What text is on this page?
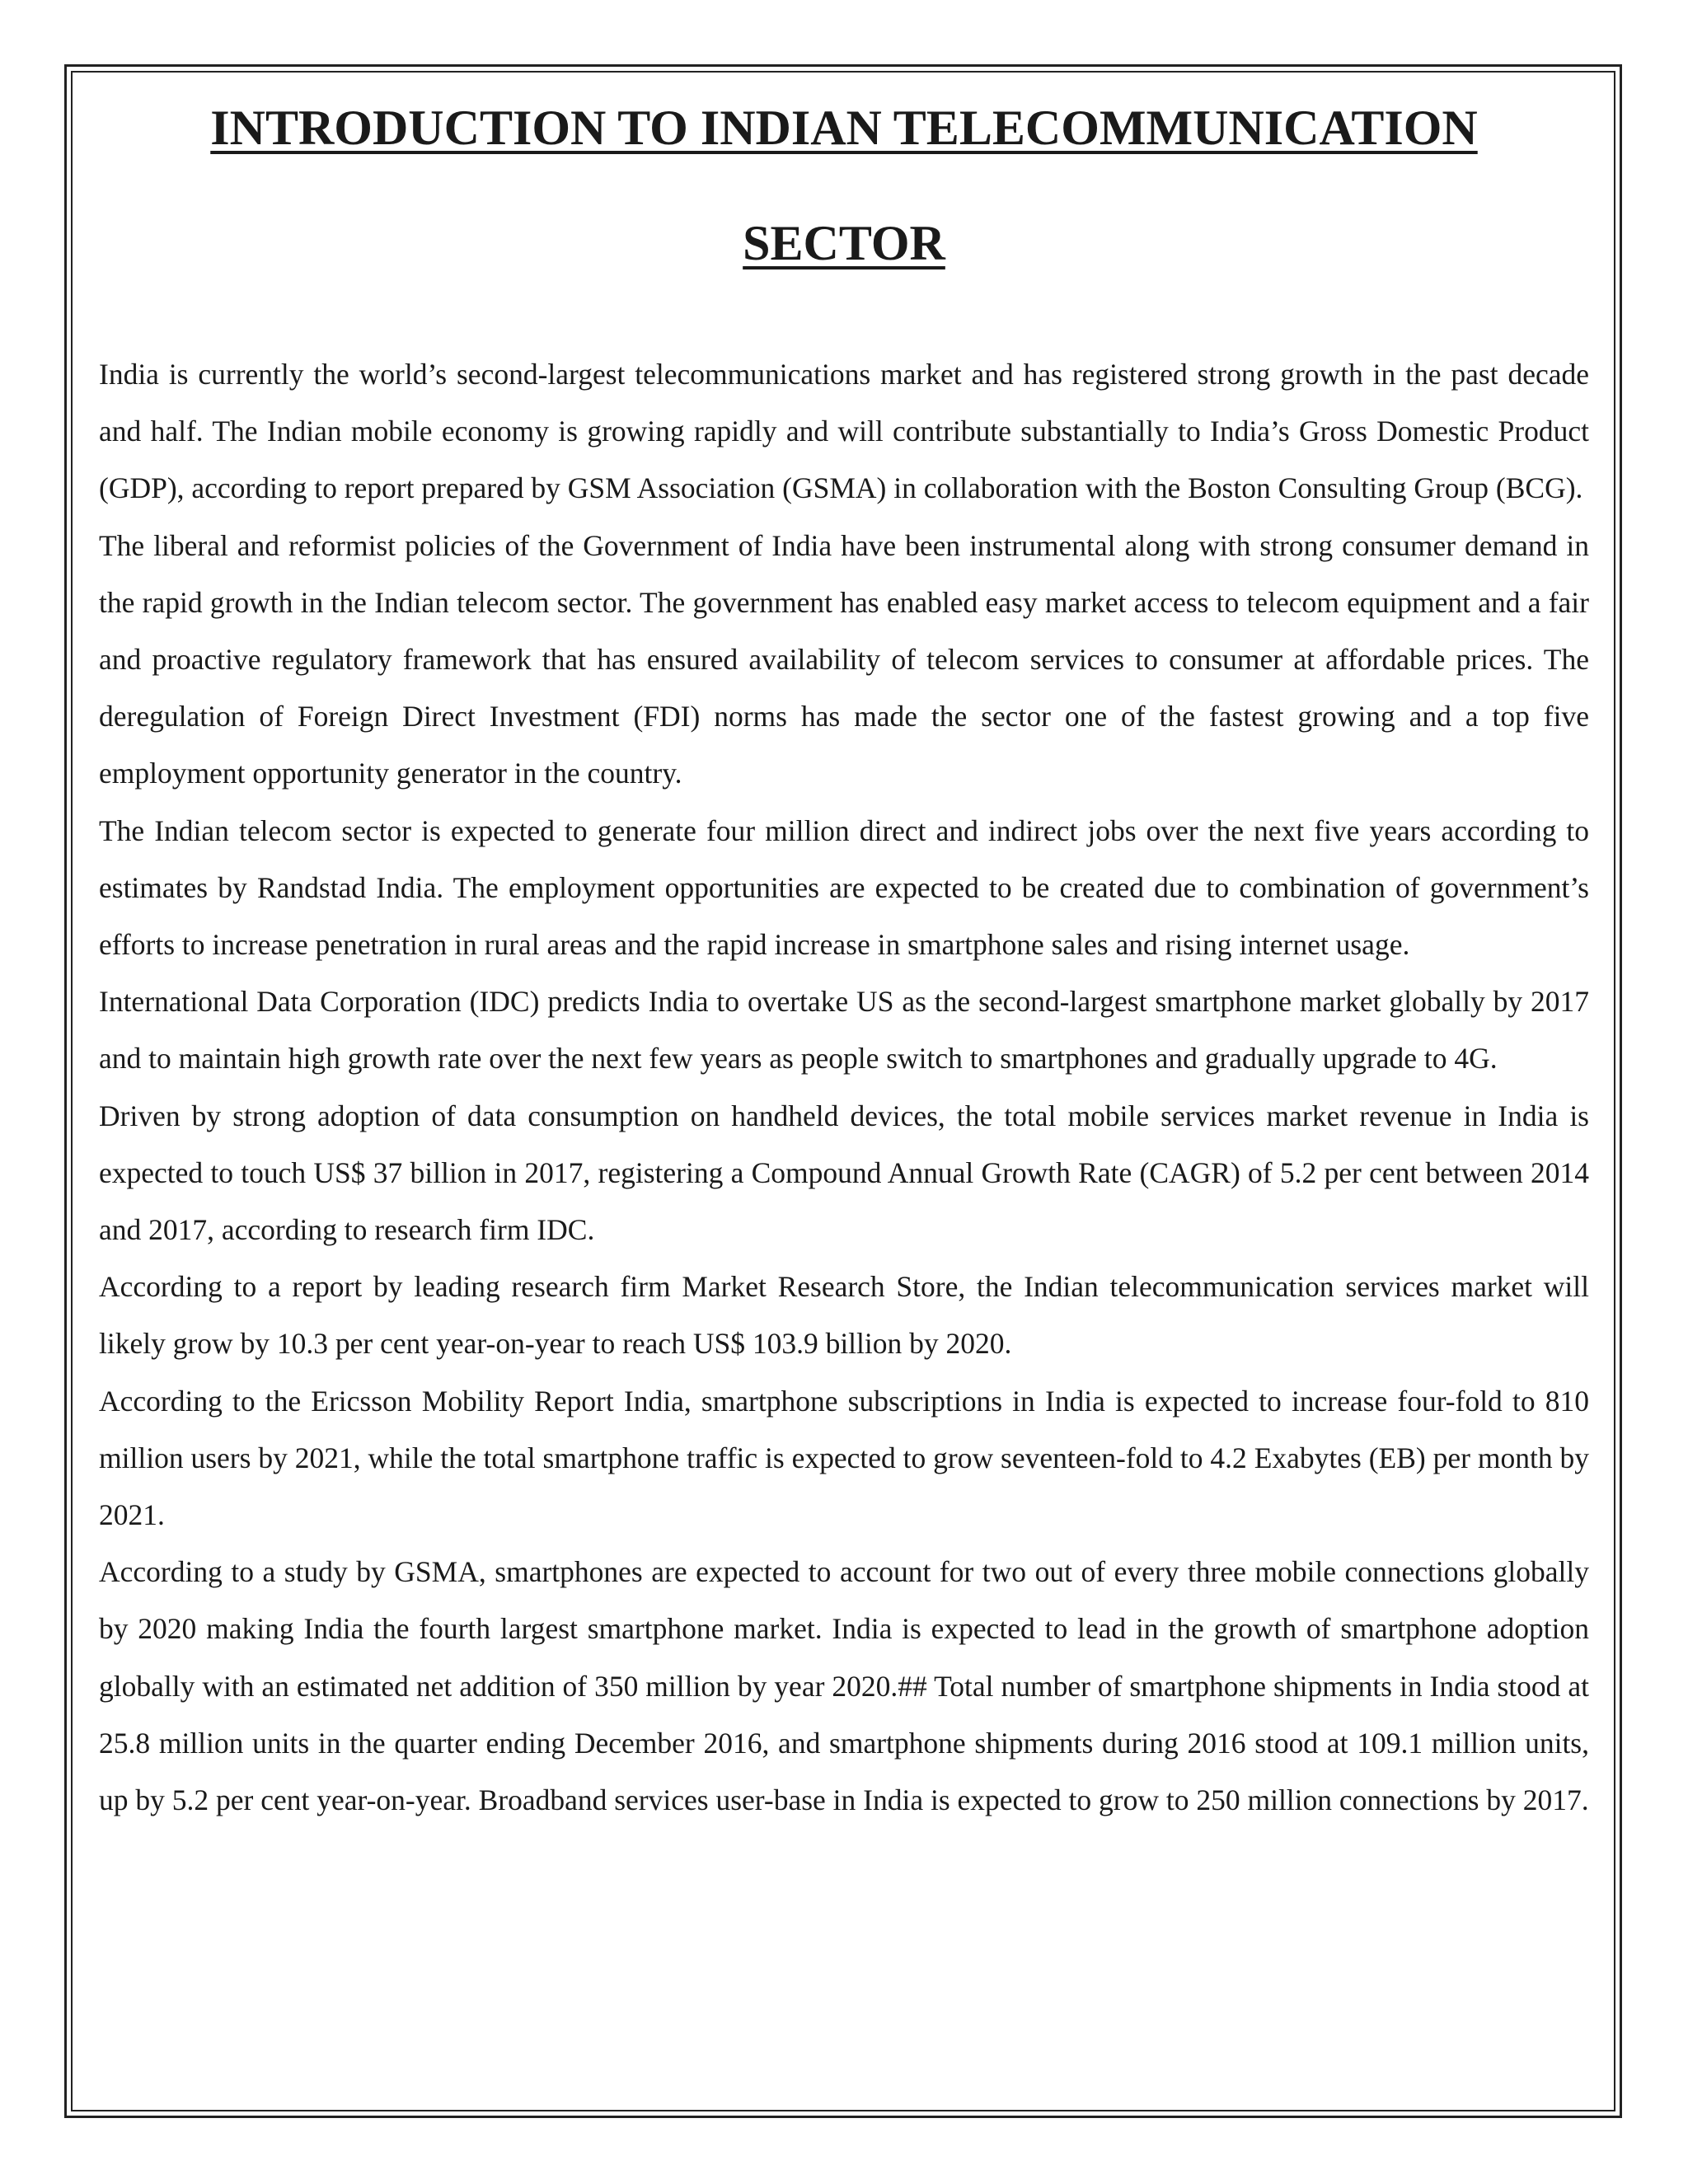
INTRODUCTION TO INDIAN TELECOMMUNICATION
SECTOR

India is currently the world’s second-largest telecommunications market and has registered strong growth in the past decade and half. The Indian mobile economy is growing rapidly and will contribute substantially to India’s Gross Domestic Product (GDP), according to report prepared by GSM Association (GSMA) in collaboration with the Boston Consulting Group (BCG).

The liberal and reformist policies of the Government of India have been instrumental along with strong consumer demand in the rapid growth in the Indian telecom sector. The government has enabled easy market access to telecom equipment and a fair and proactive regulatory framework that has ensured availability of telecom services to consumer at affordable prices. The deregulation of Foreign Direct Investment (FDI) norms has made the sector one of the fastest growing and a top five employment opportunity generator in the country.

The Indian telecom sector is expected to generate four million direct and indirect jobs over the next five years according to estimates by Randstad India. The employment opportunities are expected to be created due to combination of government’s efforts to increase penetration in rural areas and the rapid increase in smartphone sales and rising internet usage.

International Data Corporation (IDC) predicts India to overtake US as the second-largest smartphone market globally by 2017 and to maintain high growth rate over the next few years as people switch to smartphones and gradually upgrade to 4G.

Driven by strong adoption of data consumption on handheld devices, the total mobile services market revenue in India is expected to touch US$ 37 billion in 2017, registering a Compound Annual Growth Rate (CAGR) of 5.2 per cent between 2014 and 2017, according to research firm IDC.

According to a report by leading research firm Market Research Store, the Indian telecommunication services market will likely grow by 10.3 per cent year-on-year to reach US$ 103.9 billion by 2020.

According to the Ericsson Mobility Report India, smartphone subscriptions in India is expected to increase four-fold to 810 million users by 2021, while the total smartphone traffic is expected to grow seventeen-fold to 4.2 Exabytes (EB) per month by 2021.

According to a study by GSMA, smartphones are expected to account for two out of every three mobile connections globally by 2020 making India the fourth largest smartphone market. India is expected to lead in the growth of smartphone adoption globally with an estimated net addition of 350 million by year 2020.## Total number of smartphone shipments in India stood at 25.8 million units in the quarter ending December 2016, and smartphone shipments during 2016 stood at 109.1 million units, up by 5.2 per cent year-on-year. Broadband services user-base in India is expected to grow to 250 million connections by 2017.
